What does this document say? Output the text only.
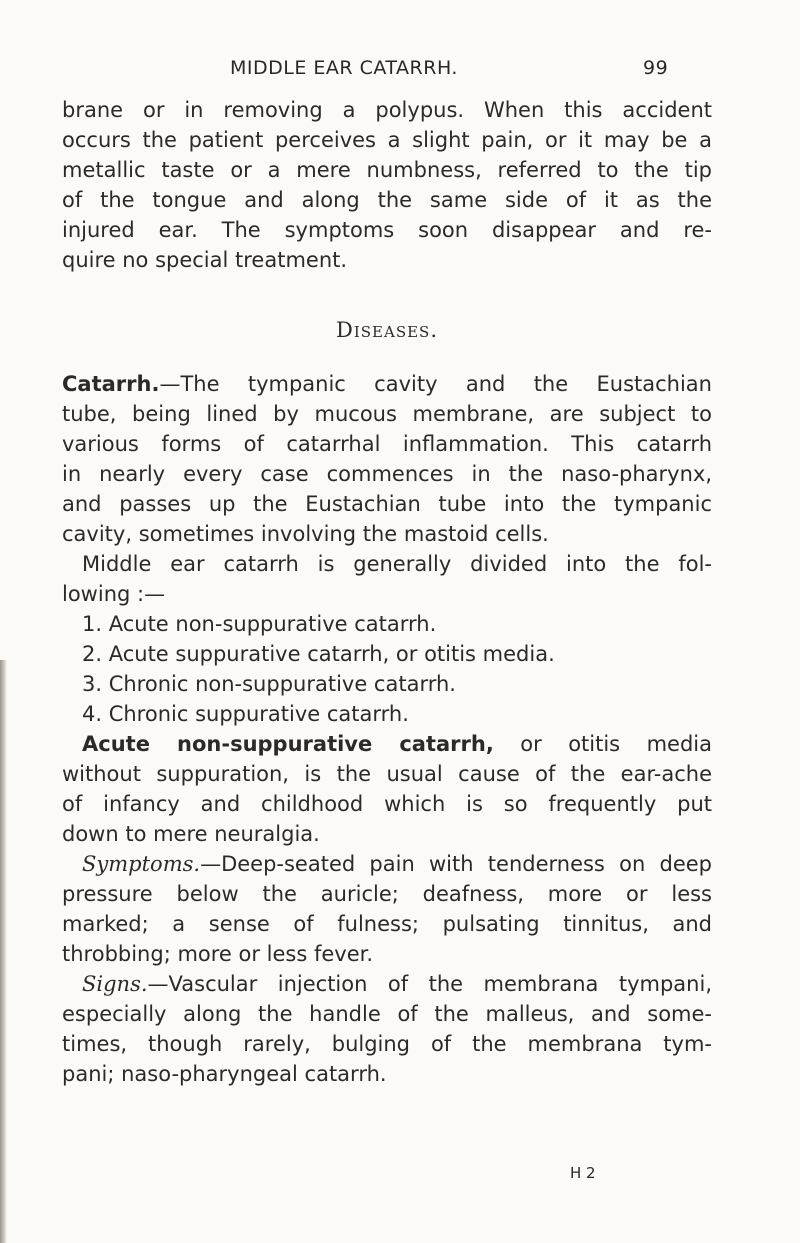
MIDDLE EAR CATARRH.	99
brane or in removing a polypus. When this accident
occurs the patient perceives a slight pain, or it may be a
metallic taste or a mere numbness, referred to the tip
of the tongue and along the same side of it as the
injured ear. The symptoms soon disappear and re-
quire no special treatment.
Diseases.
Catarrh.—The tympanic cavity and the Eustachian
tube, being lined by mucous membrane, are subject to
various forms of catarrhal inflammation. This catarrh
in nearly every case commences in the naso-pharynx,
and passes up the Eustachian tube into the tympanic
cavity, sometimes involving the mastoid cells.
Middle ear catarrh is generally divided into the fol-
lowing :—
1. Acute non-suppurative catarrh.
2. Acute suppurative catarrh, or otitis media.
3. Chronic non-suppurative catarrh.
4. Chronic suppurative catarrh.
Acute non-suppurative catarrh, or otitis media
without suppuration, is the usual cause of the ear-ache
of infancy and childhood which is so frequently put
down to mere neuralgia.
Symptoms.—Deep-seated pain with tenderness on deep
pressure below the auricle; deafness, more or less
marked; a sense of fulness; pulsating tinnitus, and
throbbing; more or less fever.
Signs.—Vascular injection of the membrana tympani,
especially along the handle of the malleus, and some-
times, though rarely, bulging of the membrana tym-
pani; naso-pharyngeal catarrh.
H 2
